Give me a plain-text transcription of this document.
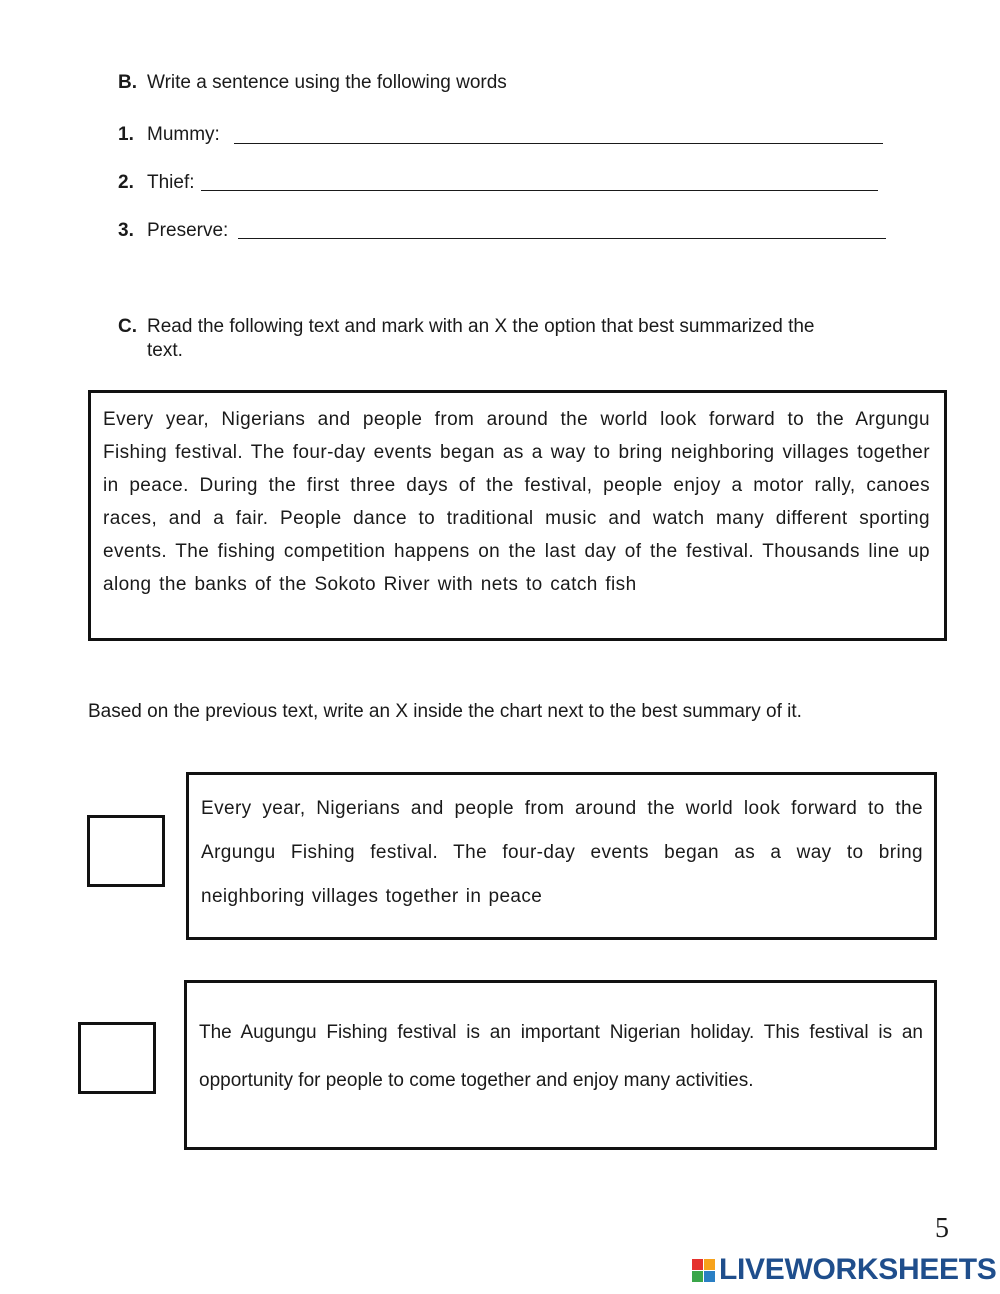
B. Write a sentence using the following words
1. Mummy:
2. Thief:
3. Preserve:
C. Read the following text and mark with an X the option that best summarized the
text.
Every year, Nigerians and people from around the world look forward to the Argungu Fishing festival. The four-day events began as a way to bring neighboring villages together in peace. During the first three days of the festival, people enjoy a motor rally, canoes races, and a fair. People dance to traditional music and watch many different sporting events. The fishing competition happens on the last day of the festival. Thousands line up along the banks of the Sokoto River with nets to catch fish
Based on the previous text, write an X inside the chart next to the best summary of it.
Every year, Nigerians and people from around the world look forward to the Argungu Fishing festival. The four-day events began as a way to bring neighboring villages together in peace
The Augungu Fishing festival is an important Nigerian holiday. This festival is an opportunity for people to come together and enjoy many activities.
5
LIVEWORKSHEETS
